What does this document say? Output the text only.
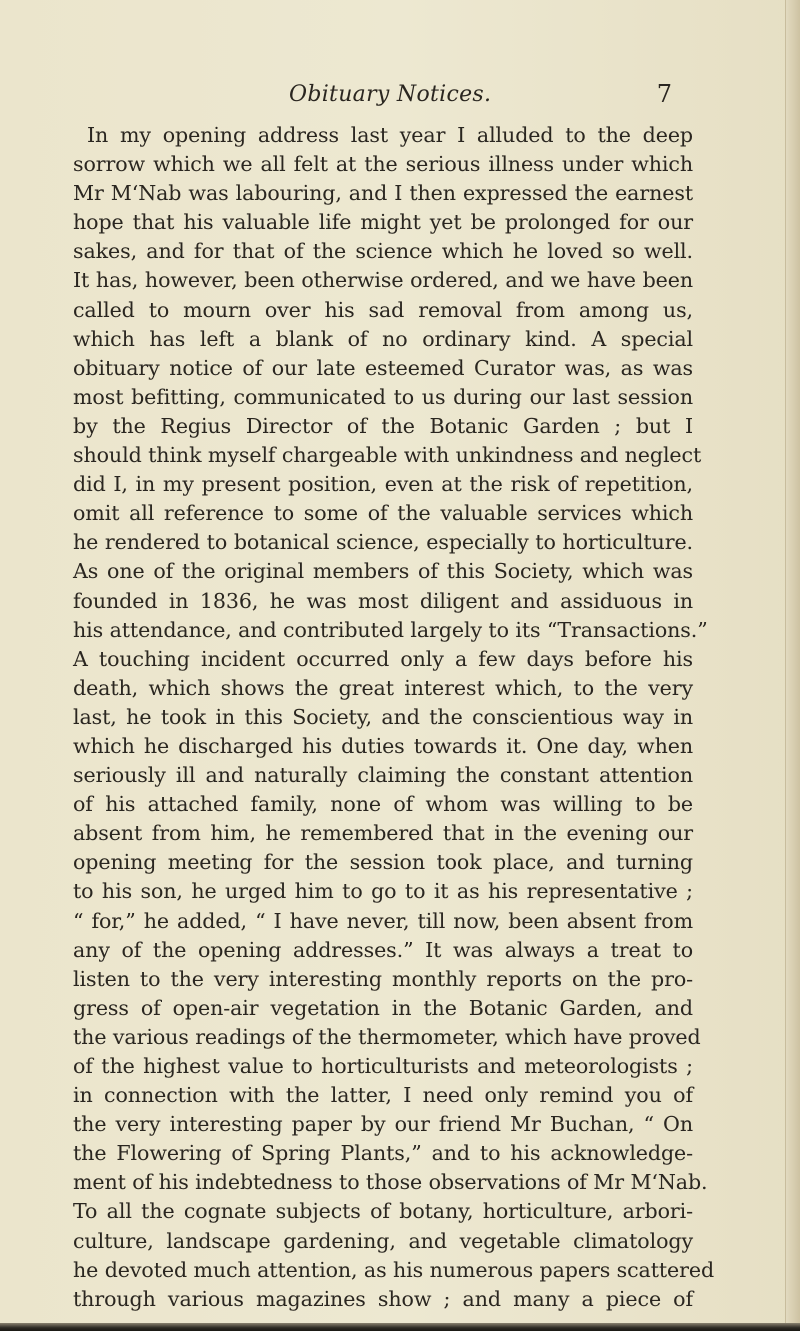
Obituary Notices.	7
In my opening address last year I alluded to the deep
sorrow which we all felt at the serious illness under which
Mr M‘Nab was labouring, and I then expressed the earnest
hope that his valuable life might yet be prolonged for our
sakes, and for that of the science which he loved so well.
It has, however, been otherwise ordered, and we have been
called to mourn over his sad removal from among us,
which has left a blank of no ordinary kind. A special
obituary notice of our late esteemed Curator was, as was
most befitting, communicated to us during our last session
by the Regius Director of the Botanic Garden ; but I
should think myself chargeable with unkindness and neglect
did I, in my present position, even at the risk of repetition,
omit all reference to some of the valuable services which
he rendered to botanical science, especially to horticulture.
As one of the original members of this Society, which was
founded in 1836, he was most diligent and assiduous in
his attendance, and contributed largely to its “Transactions.”
A touching incident occurred only a few days before his
death, which shows the great interest which, to the very
last, he took in this Society, and the conscientious way in
which he discharged his duties towards it. One day, when
seriously ill and naturally claiming the constant attention
of his attached family, none of whom was willing to be
absent from him, he remembered that in the evening our
opening meeting for the session took place, and turning
to his son, he urged him to go to it as his representative ;
“ for,” he added, “ I have never, till now, been absent from
any of the opening addresses.” It was always a treat to
listen to the very interesting monthly reports on the pro-
gress of open-air vegetation in the Botanic Garden, and
the various readings of the thermometer, which have proved
of the highest value to horticulturists and meteorologists ;
in connection with the latter, I need only remind you of
the very interesting paper by our friend Mr Buchan, “ On
the Flowering of Spring Plants,” and to his acknowledge-
ment of his indebtedness to those observations of Mr M‘Nab.
To all the cognate subjects of botany, horticulture, arbori-
culture, landscape gardening, and vegetable climatology
he devoted much attention, as his numerous papers scattered
through various magazines show ; and many a piece of
